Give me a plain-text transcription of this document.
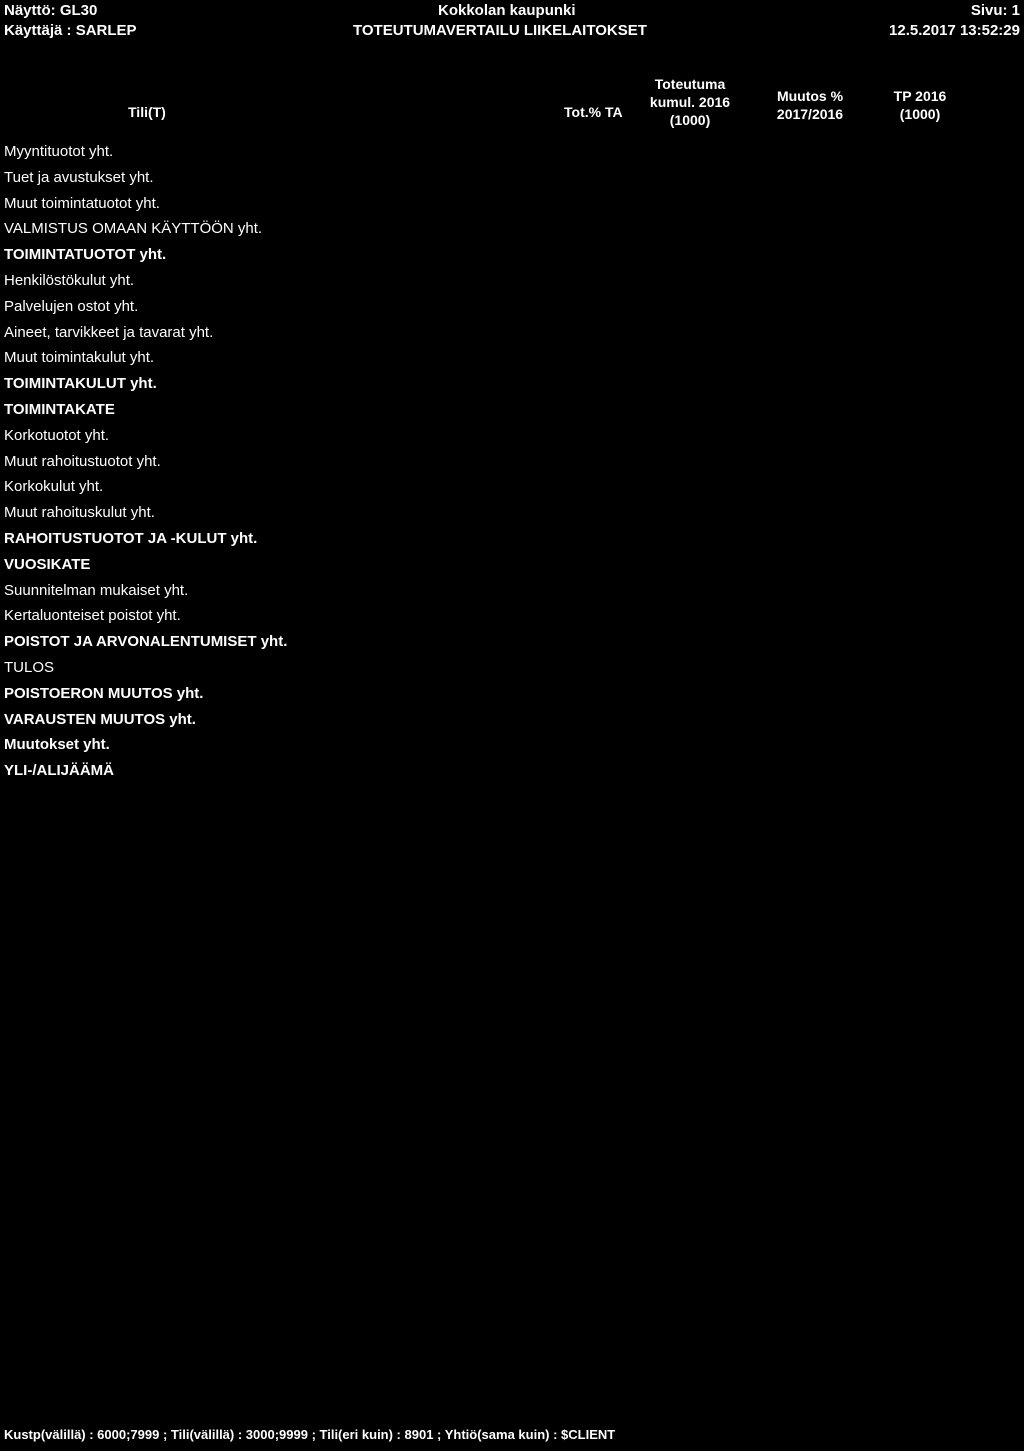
Näyttö: GL30
Käyttäjä : SARLEP
Kokkolan kaupunki
TOTEUTUMAVERTAILU LIIKELAITOKSET
Sivu: 1
12.5.2017 13:52:29
Tili(T)	Tot.% TA
Toteutuma
kumul. 2016
(1000)
Muutos %
2017/2016
TP 2016
(1000)
Myyntituotot yht.
Tuet ja avustukset yht.
Muut toimintatuotot yht.
VALMISTUS OMAAN KÄYTTÖÖN yht.
TOIMINTATUOTOT yht.
Henkilöstökulut yht.
Palvelujen ostot yht.
Aineet, tarvikkeet ja tavarat yht.
Muut toimintakulut yht.
TOIMINTAKULUT yht.
TOIMINTAKATE
Korkotuotot yht.
Muut rahoitustuotot yht.
Korkokulut yht.
Muut rahoituskulut yht.
RAHOITUSTUOTOT JA -KULUT yht.
VUOSIKATE
Suunnitelman mukaiset yht.
Kertaluonteiset poistot yht.
POISTOT JA ARVONALENTUMISET yht.
TULOS
POISTOERON MUUTOS yht.
VARAUSTEN MUUTOS yht.
Muutokset yht.
YLI-/ALIJÄÄMÄ
Kustp(välillä) : 6000;7999 ; Tili(välillä) : 3000;9999 ; Tili(eri kuin) : 8901 ; Yhtiö(sama kuin) : $CLIENT
